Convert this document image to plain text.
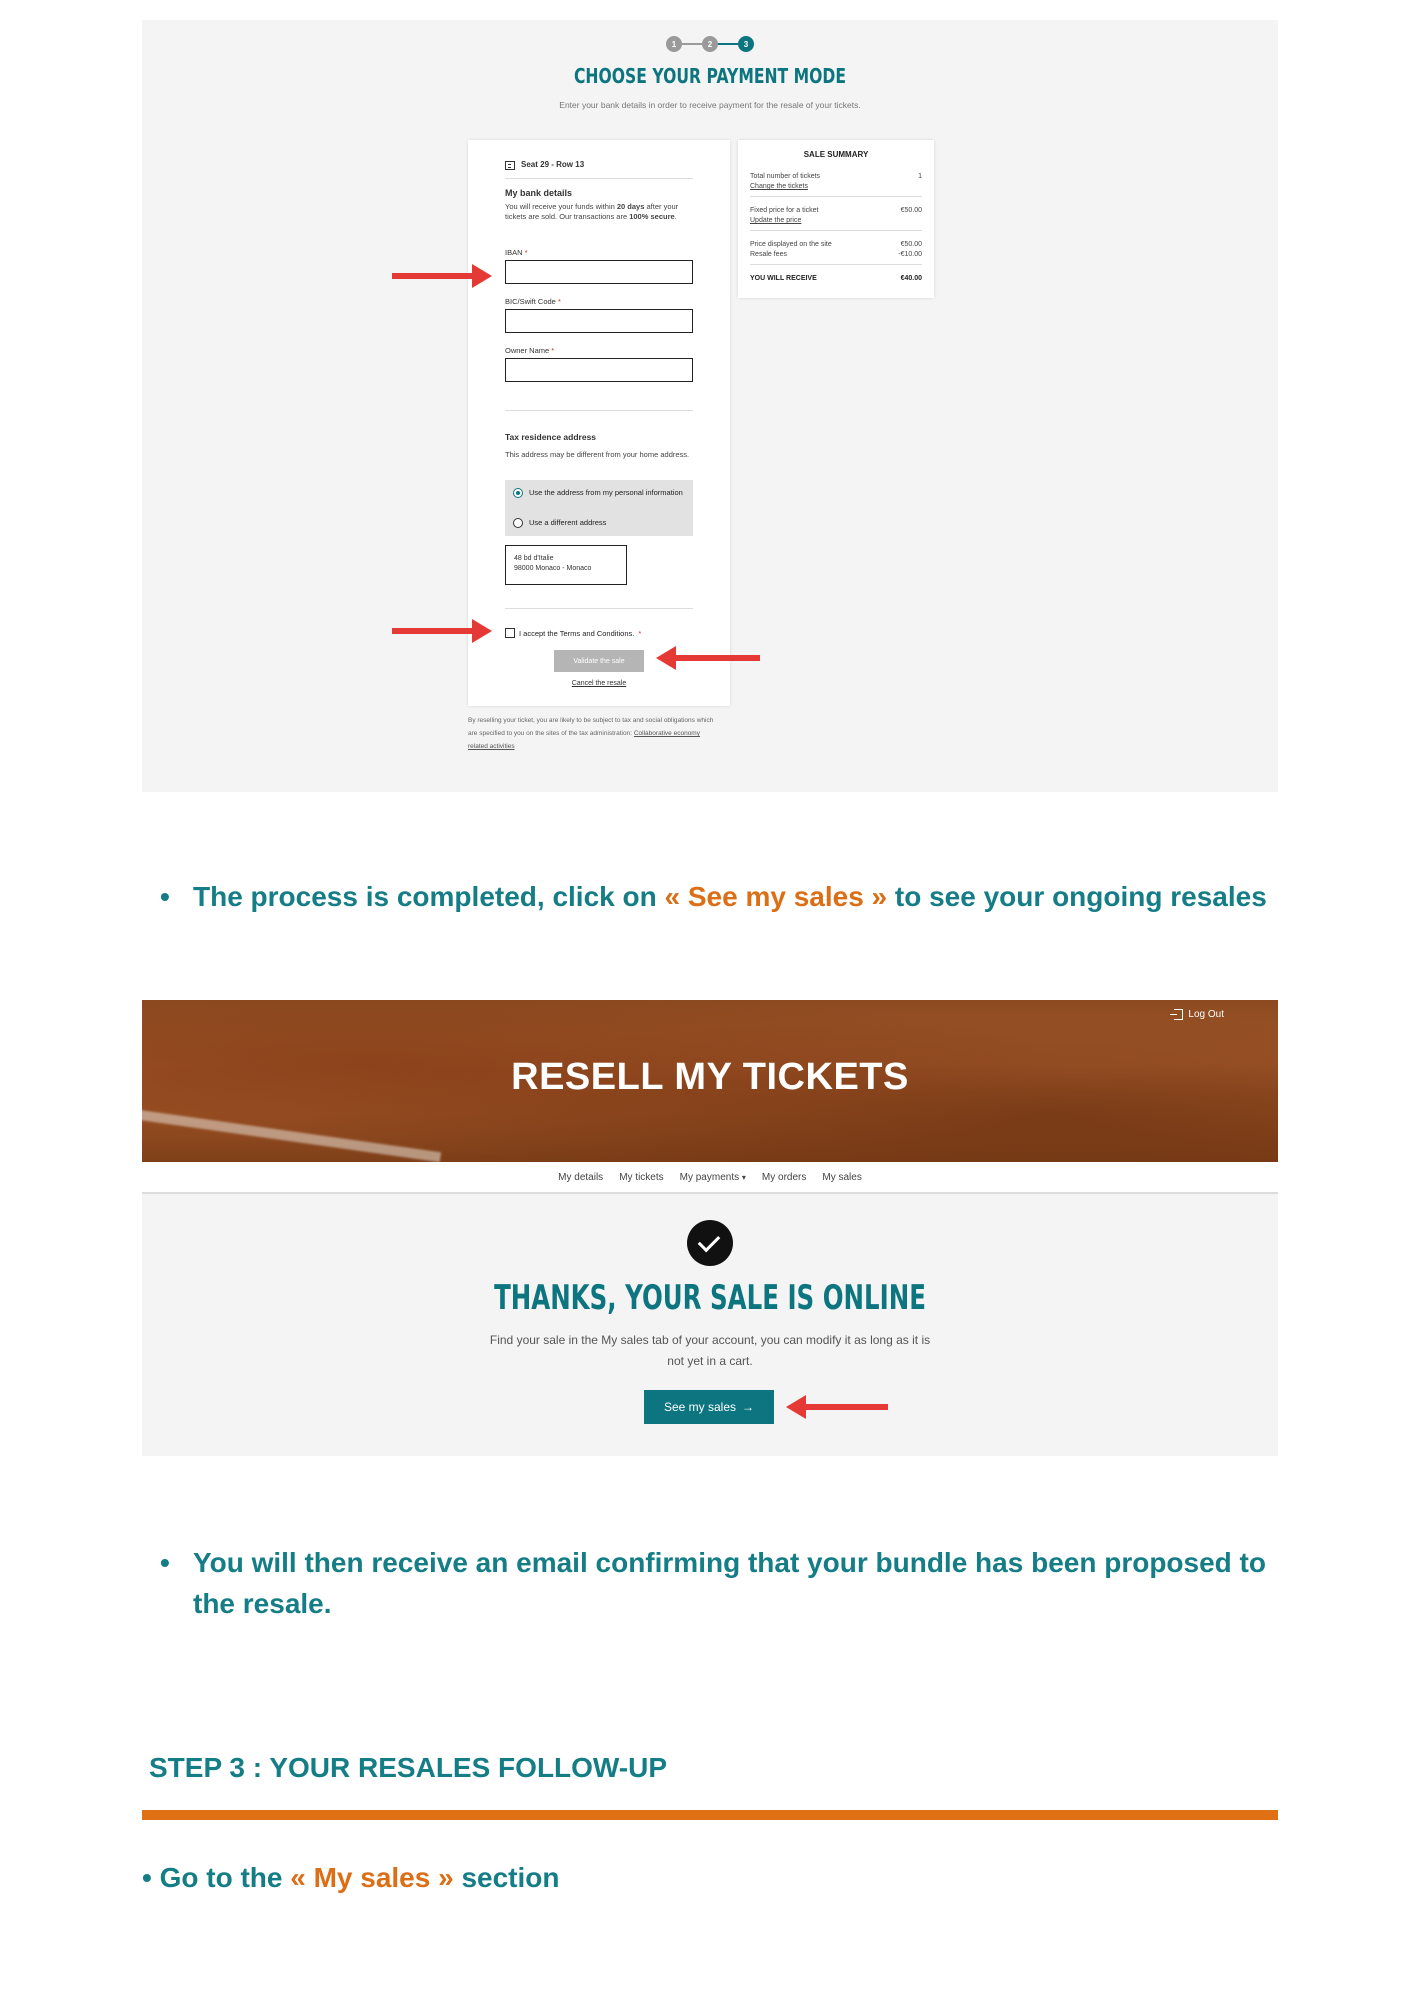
1	2	3
CHOOSE YOUR PAYMENT MODE
Enter your bank details in order to receive payment for the resale of your tickets.
Seat 29 - Row 13
My bank details
You will receive your funds within 20 days after your tickets are sold. Our transactions are 100% secure.
IBAN *
BIC/Swift Code *
Owner Name *
Tax residence address
This address may be different from your home address.
Use the address from my personal information
Use a different address
48 bd d'Italie
98000 Monaco - Monaco
I accept the Terms and Conditions. *
Validate the sale
Cancel the resale
By reselling your ticket, you are likely to be subject to tax and social obligations which are specified to you on the sites of the tax administration: Collaborative economy related activities
SALE SUMMARY
Total number of tickets	1
Change the tickets
Fixed price for a ticket	€50.00
Update the price
Price displayed on the site	€50.00
Resale fees	-€10.00
YOU WILL RECEIVE	€40.00
• The process is completed, click on « See my sales » to see your ongoing resales
Log Out
RESELL MY TICKETS
My details My tickets My payments ▾ My orders My sales
THANKS, YOUR SALE IS ONLINE
Find your sale in the My sales tab of your account, you can modify it as long as it is not yet in a cart.
See my sales →
• You will then receive an email confirming that your bundle has been proposed to the resale.
STEP 3 : YOUR RESALES FOLLOW-UP
• Go to the « My sales » section
